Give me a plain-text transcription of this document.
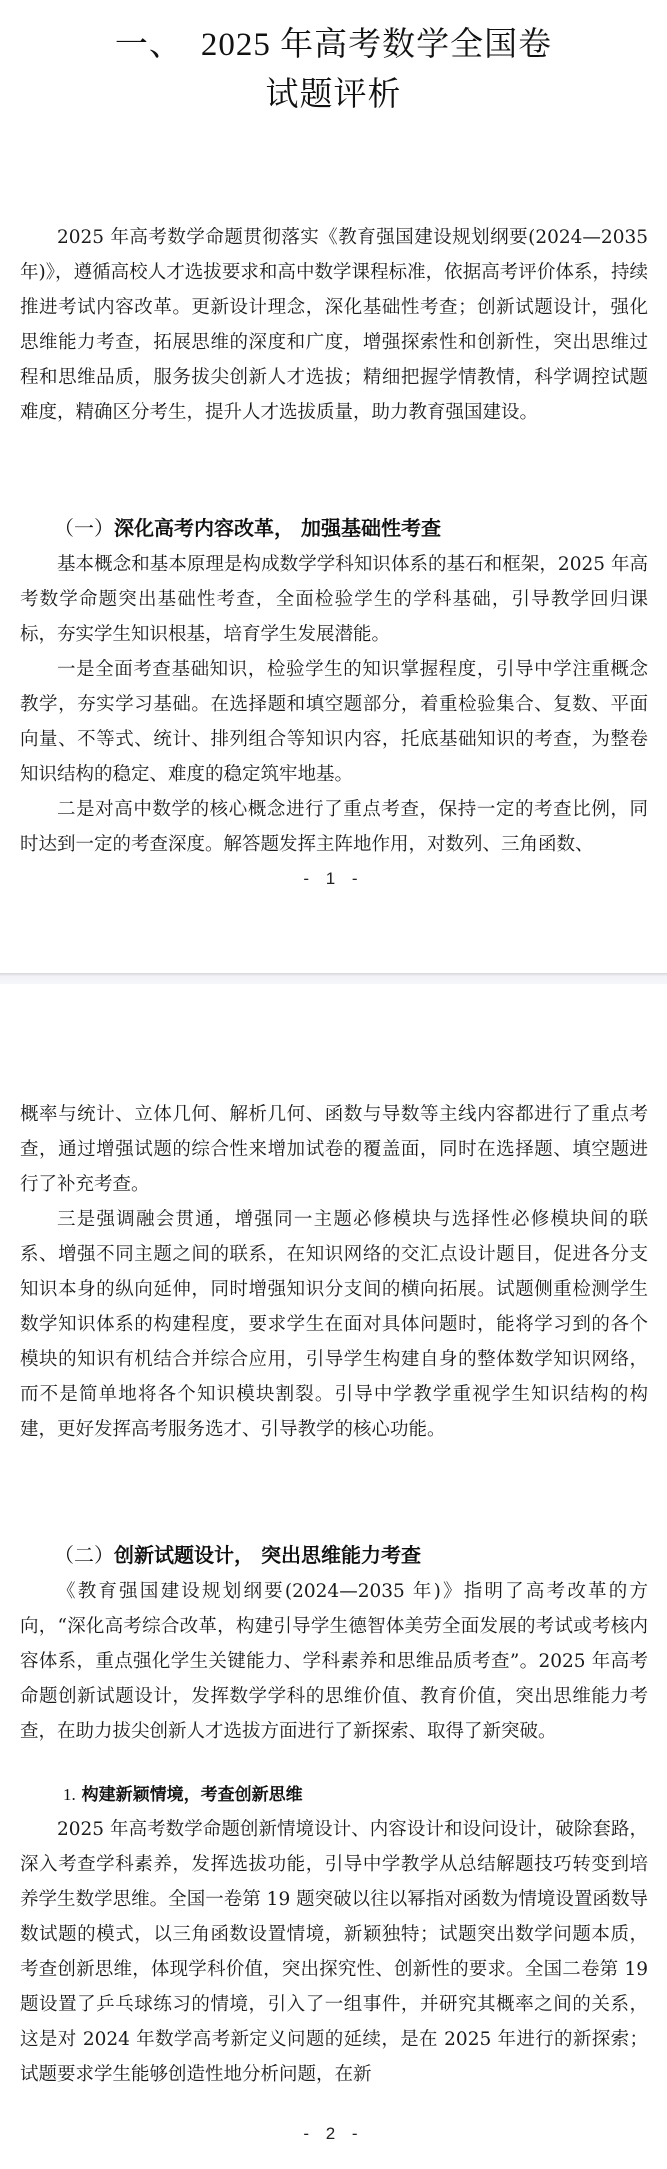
一、 2025 年高考数学全国卷
试题评析
2025 年高考数学命题贯彻落实《教育强国建设规划纲要(2024—2035 年)》，遵循高校人才选拔要求和高中数学课程标准，依据高考评价体系，持续推进考试内容改革。更新设计理念，深化基础性考查；创新试题设计，强化思维能力考查，拓展思维的深度和广度，增强探索性和创新性，突出思维过程和思维品质，服务拔尖创新人才选拔；精细把握学情教情，科学调控试题难度，精确区分考生，提升人才选拔质量，助力教育强国建设。
（一）深化高考内容改革， 加强基础性考查
基本概念和基本原理是构成数学学科知识体系的基石和框架，2025 年高考数学命题突出基础性考查，全面检验学生的学科基础，引导教学回归课标，夯实学生知识根基，培育学生发展潜能。
一是全面考查基础知识，检验学生的知识掌握程度，引导中学注重概念教学，夯实学习基础。在选择题和填空题部分，着重检验集合、复数、平面向量、不等式、统计、排列组合等知识内容，托底基础知识的考查，为整卷知识结构的稳定、难度的稳定筑牢地基。
二是对高中数学的核心概念进行了重点考查，保持一定的考查比例，同时达到一定的考查深度。解答题发挥主阵地作用，对数列、三角函数、
- 1 -
概率与统计、立体几何、解析几何、函数与导数等主线内容都进行了重点考查，通过增强试题的综合性来增加试卷的覆盖面，同时在选择题、填空题进行了补充考查。
三是强调融会贯通，增强同一主题必修模块与选择性必修模块间的联系、增强不同主题之间的联系，在知识网络的交汇点设计题目，促进各分支知识本身的纵向延伸，同时增强知识分支间的横向拓展。试题侧重检测学生数学知识体系的构建程度，要求学生在面对具体问题时，能将学习到的各个模块的知识有机结合并综合应用，引导学生构建自身的整体数学知识网络，而不是简单地将各个知识模块割裂。引导中学教学重视学生知识结构的构建，更好发挥高考服务选才、引导教学的核心功能。
（二）创新试题设计， 突出思维能力考查
《教育强国建设规划纲要(2024—2035 年)》指明了高考改革的方向，“深化高考综合改革，构建引导学生德智体美劳全面发展的考试或考核内容体系，重点强化学生关键能力、学科素养和思维品质考查”。2025 年高考命题创新试题设计，发挥数学学科的思维价值、教育价值，突出思维能力考查，在助力拔尖创新人才选拔方面进行了新探索、取得了新突破。
1. 构建新颖情境，考查创新思维
2025 年高考数学命题创新情境设计、内容设计和设问设计，破除套路，深入考查学科素养，发挥选拔功能，引导中学教学从总结解题技巧转变到培养学生数学思维。全国一卷第 19 题突破以往以幂指对函数为情境设置函数导数试题的模式，以三角函数设置情境，新颖独特；试题突出数学问题本质，考查创新思维，体现学科价值，突出探究性、创新性的要求。全国二卷第 19 题设置了乒乓球练习的情境，引入了一组事件，并研究其概率之间的关系，这是对 2024 年数学高考新定义问题的延续，是在 2025 年进行的新探索；试题要求学生能够创造性地分析问题，在新
- 2 -
